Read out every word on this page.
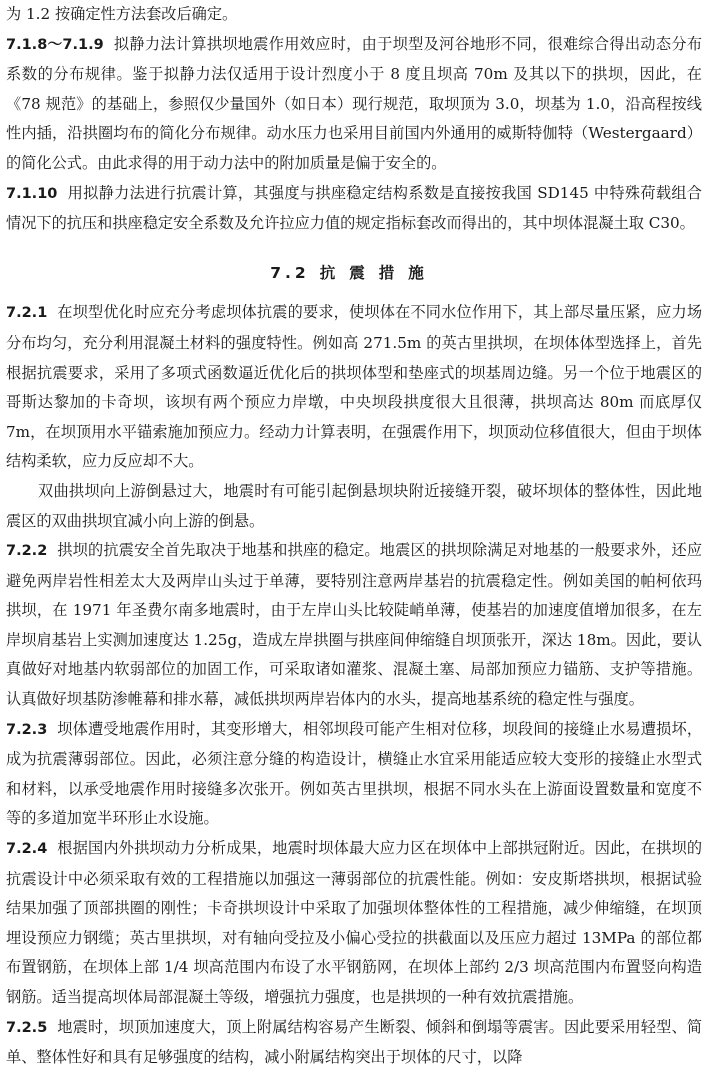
为 1.2 按确定性方法套改后确定。

7.1.8～7.1.9 拟静力法计算拱坝地震作用效应时，由于坝型及河谷地形不同，很难综合得出动态分布系数的分布规律。鉴于拟静力法仅适用于设计烈度小于 8 度且坝高 70m 及其以下的拱坝，因此，在《78 规范》的基础上，参照仅少量国外（如日本）现行规范，取坝顶为 3.0，坝基为 1.0，沿高程按线性内插，沿拱圈均布的简化分布规律。动水压力也采用目前国内外通用的威斯特伽特（Westergaard）的简化公式。由此求得的用于动力法中的附加质量是偏于安全的。

7.1.10 用拟静力法进行抗震计算，其强度与拱座稳定结构系数是直接按我国 SD145 中特殊荷载组合情况下的抗压和拱座稳定安全系数及允许拉应力值的规定指标套改而得出的，其中坝体混凝土取 C30。

7.2 抗震措施

7.2.1 在坝型优化时应充分考虑坝体抗震的要求，使坝体在不同水位作用下，其上部尽量压紧，应力场分布均匀，充分利用混凝土材料的强度特性。例如高 271.5m 的英古里拱坝，在坝体体型选择上，首先根据抗震要求，采用了多项式函数逼近优化后的拱坝体型和垫座式的坝基周边缝。另一个位于地震区的哥斯达黎加的卡奇坝，该坝有两个预应力岸墩，中央坝段拱度很大且很薄，拱坝高达 80m 而底厚仅 7m，在坝顶用水平锚索施加预应力。经动力计算表明，在强震作用下，坝顶动位移值很大，但由于坝体结构柔软，应力反应却不大。

双曲拱坝向上游倒悬过大，地震时有可能引起倒悬坝块附近接缝开裂，破坏坝体的整体性，因此地震区的双曲拱坝宜减小向上游的倒悬。

7.2.2 拱坝的抗震安全首先取决于地基和拱座的稳定。地震区的拱坝除满足对地基的一般要求外，还应避免两岸岩性相差太大及两岸山头过于单薄，要特别注意两岸基岩的抗震稳定性。例如美国的帕柯依玛拱坝，在 1971 年圣费尔南多地震时，由于左岸山头比较陡峭单薄，使基岩的加速度值增加很多，在左岸坝肩基岩上实测加速度达 1.25g，造成左岸拱圈与拱座间伸缩缝自坝顶张开，深达 18m。因此，要认真做好对地基内软弱部位的加固工作，可采取诸如灌浆、混凝土塞、局部加预应力锚筋、支护等措施。认真做好坝基防渗帷幕和排水幕，减低拱坝两岸岩体内的水头，提高地基系统的稳定性与强度。

7.2.3 坝体遭受地震作用时，其变形增大，相邻坝段可能产生相对位移，坝段间的接缝止水易遭损坏，成为抗震薄弱部位。因此，必须注意分缝的构造设计，横缝止水宜采用能适应较大变形的接缝止水型式和材料，以承受地震作用时接缝多次张开。例如英古里拱坝，根据不同水头在上游面设置数量和宽度不等的多道加宽半环形止水设施。

7.2.4 根据国内外拱坝动力分析成果，地震时坝体最大应力区在坝体中上部拱冠附近。因此，在拱坝的抗震设计中必须采取有效的工程措施以加强这一薄弱部位的抗震性能。例如：安皮斯塔拱坝，根据试验结果加强了顶部拱圈的刚性；卡奇拱坝设计中采取了加强坝体整体性的工程措施，减少伸缩缝，在坝顶埋设预应力钢缆；英古里拱坝，对有轴向受拉及小偏心受拉的拱截面以及压应力超过 13MPa 的部位都布置钢筋，在坝体上部 1/4 坝高范围内布设了水平钢筋网，在坝体上部约 2/3 坝高范围内布置竖向构造钢筋。适当提高坝体局部混凝土等级，增强抗力强度，也是拱坝的一种有效抗震措施。

7.2.5 地震时，坝顶加速度大，顶上附属结构容易产生断裂、倾斜和倒塌等震害。因此要采用轻型、简单、整体性好和具有足够强度的结构，减小附属结构突出于坝体的尺寸，以降
